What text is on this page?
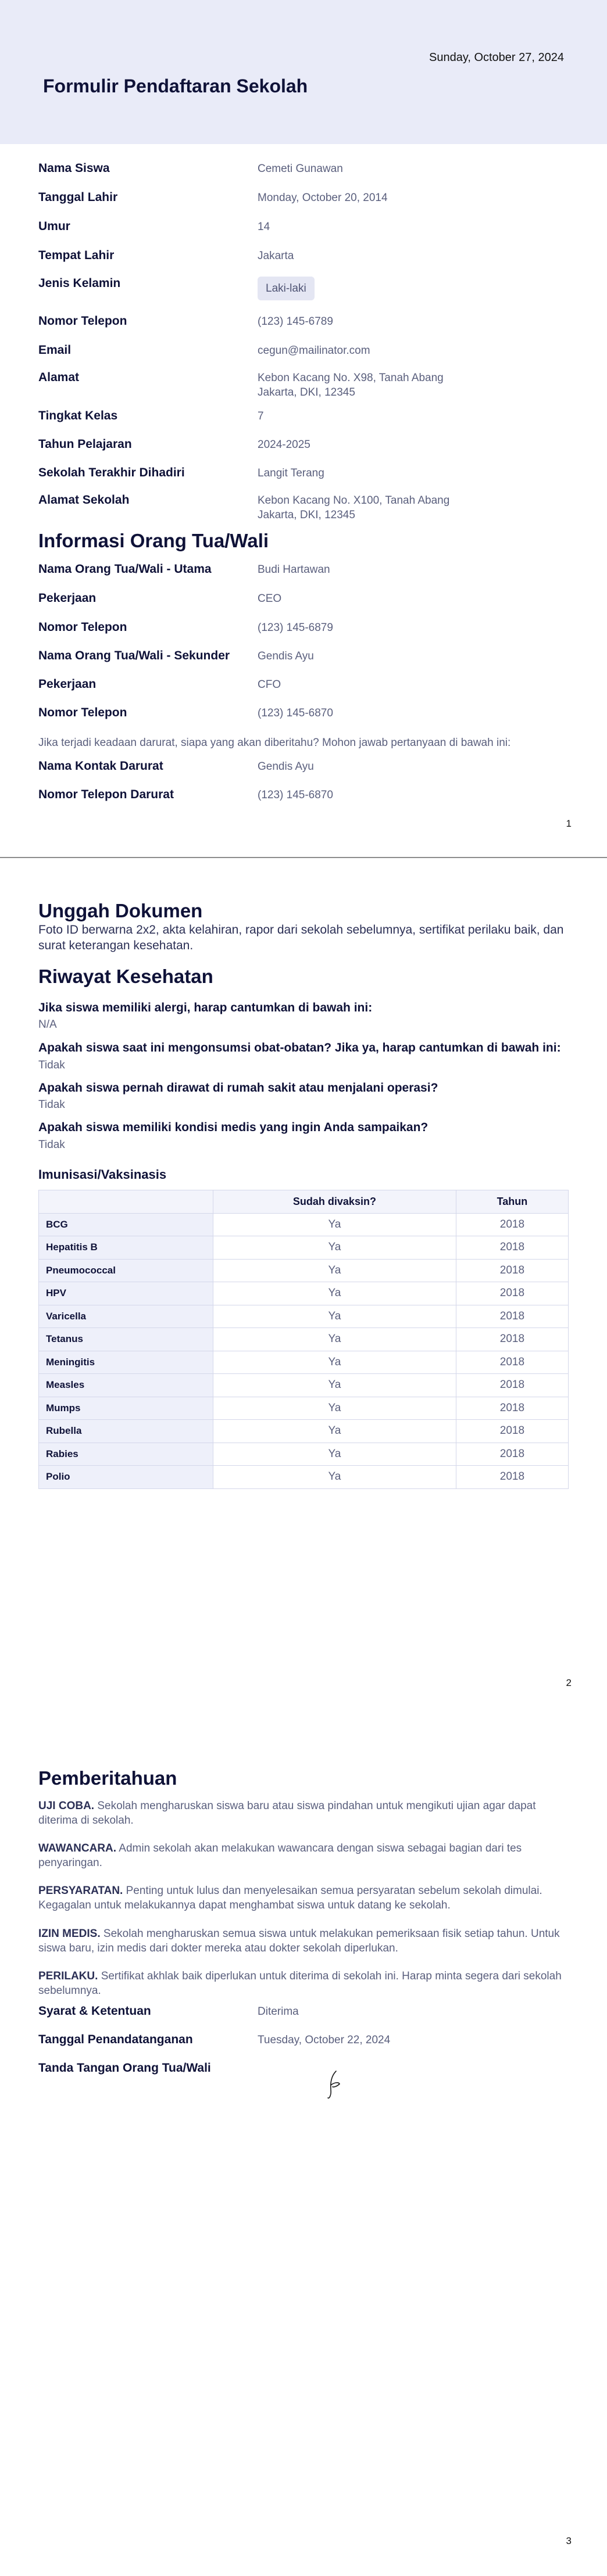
Sunday, October 27, 2024
Formulir Pendaftaran Sekolah
Nama Siswa	Cemeti Gunawan
Tanggal Lahir	Monday, October 20, 2014
Umur	14
Tempat Lahir	Jakarta
Jenis Kelamin	Laki-laki
Nomor Telepon	(123) 145-6789
Email	cegun@mailinator.com
Alamat	Kebon Kacang No. X98, Tanah Abang
Jakarta, DKI, 12345
Tingkat Kelas	7
Tahun Pelajaran	2024-2025
Sekolah Terakhir Dihadiri	Langit Terang
Alamat Sekolah	Kebon Kacang No. X100, Tanah Abang
Jakarta, DKI, 12345
Informasi Orang Tua/Wali
Nama Orang Tua/Wali - Utama	Budi Hartawan
Pekerjaan	CEO
Nomor Telepon	(123) 145-6879
Nama Orang Tua/Wali - Sekunder	Gendis Ayu
Pekerjaan	CFO
Nomor Telepon	(123) 145-6870
Jika terjadi keadaan darurat, siapa yang akan diberitahu? Mohon jawab pertanyaan di bawah ini:
Nama Kontak Darurat	Gendis Ayu
Nomor Telepon Darurat	(123) 145-6870
1
Unggah Dokumen
Foto ID berwarna 2x2, akta kelahiran, rapor dari sekolah sebelumnya, sertifikat perilaku baik, dan surat keterangan kesehatan.
Riwayat Kesehatan
Jika siswa memiliki alergi, harap cantumkan di bawah ini:
N/A
Apakah siswa saat ini mengonsumsi obat-obatan? Jika ya, harap cantumkan di bawah ini:
Tidak
Apakah siswa pernah dirawat di rumah sakit atau menjalani operasi?
Tidak
Apakah siswa memiliki kondisi medis yang ingin Anda sampaikan?
Tidak
Imunisasi/Vaksinasis
	Sudah divaksin?	Tahun
BCG	Ya	2018
Hepatitis B	Ya	2018
Pneumococcal	Ya	2018
HPV	Ya	2018
Varicella	Ya	2018
Tetanus	Ya	2018
Meningitis	Ya	2018
Measles	Ya	2018
Mumps	Ya	2018
Rubella	Ya	2018
Rabies	Ya	2018
Polio	Ya	2018
2
Pemberitahuan
UJI COBA. Sekolah mengharuskan siswa baru atau siswa pindahan untuk mengikuti ujian agar dapat diterima di sekolah.
WAWANCARA. Admin sekolah akan melakukan wawancara dengan siswa sebagai bagian dari tes penyaringan.
PERSYARATAN. Penting untuk lulus dan menyelesaikan semua persyaratan sebelum sekolah dimulai. Kegagalan untuk melakukannya dapat menghambat siswa untuk datang ke sekolah.
IZIN MEDIS. Sekolah mengharuskan semua siswa untuk melakukan pemeriksaan fisik setiap tahun. Untuk siswa baru, izin medis dari dokter mereka atau dokter sekolah diperlukan.
PERILAKU. Sertifikat akhlak baik diperlukan untuk diterima di sekolah ini. Harap minta segera dari sekolah sebelumnya.
Syarat & Ketentuan	Diterima
Tanggal Penandatanganan	Tuesday, October 22, 2024
Tanda Tangan Orang Tua/Wali
3
